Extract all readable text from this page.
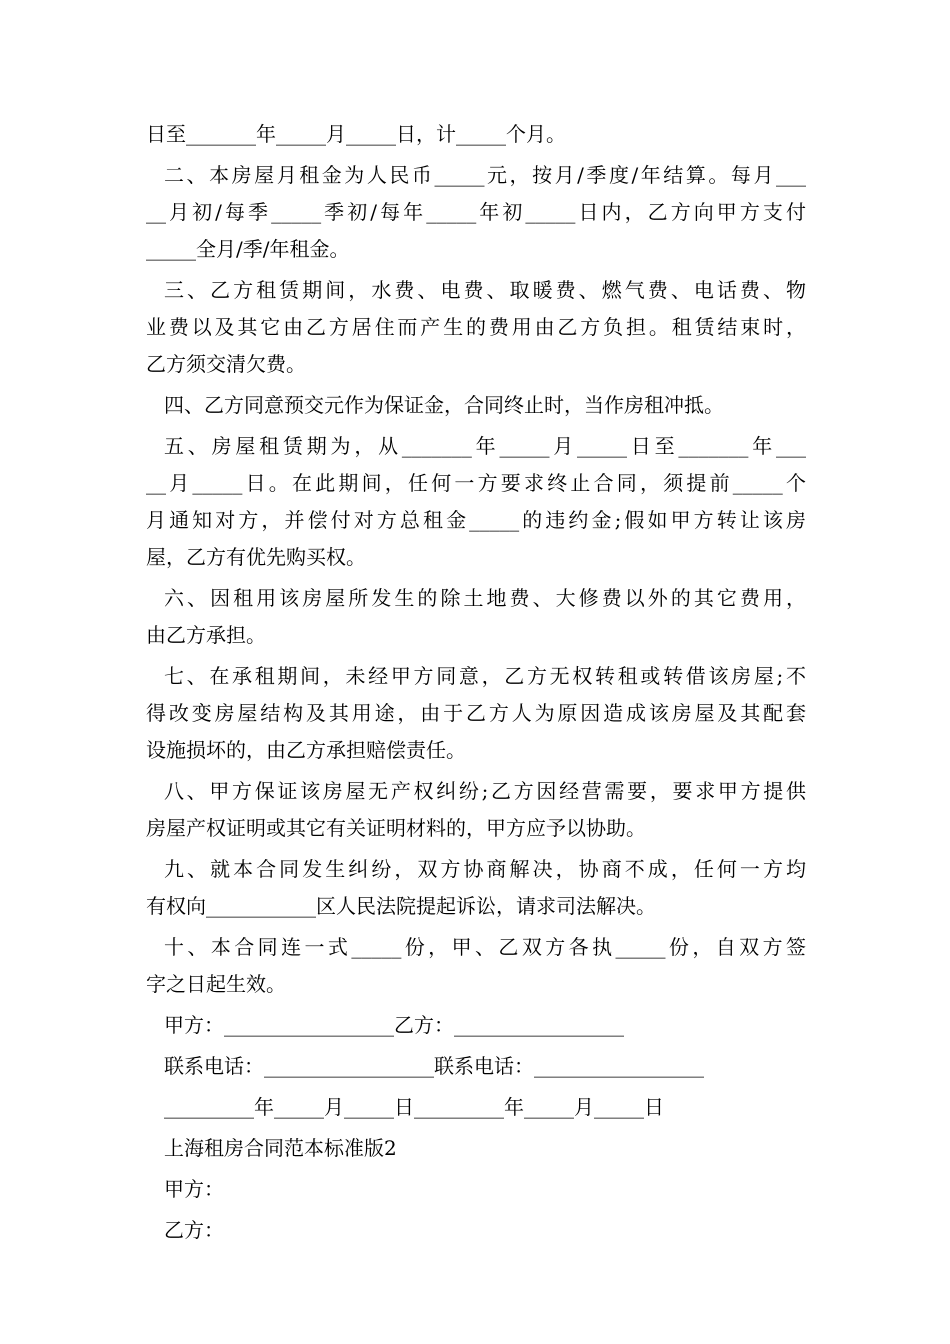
日至_______年_____月_____日，计_____个月。
二、本房屋月租金为人民币_____元，按月/季度/年结算。每月___
__月初/每季_____季初/每年_____年初_____日内，乙方向甲方支付
_____全月/季/年租金。
三、乙方租赁期间，水费、电费、取暖费、燃气费、电话费、物
业费以及其它由乙方居住而产生的费用由乙方负担。租赁结束时，
乙方须交清欠费。
四、乙方同意预交元作为保证金，合同终止时，当作房租冲抵。
五、房屋租赁期为，从_______年_____月_____日至_______年___
__月_____日。在此期间，任何一方要求终止合同，须提前_____个
月通知对方，并偿付对方总租金_____的违约金;假如甲方转让该房
屋，乙方有优先购买权。
六、因租用该房屋所发生的除土地费、大修费以外的其它费用，
由乙方承担。
七、在承租期间，未经甲方同意，乙方无权转租或转借该房屋;不
得改变房屋结构及其用途，由于乙方人为原因造成该房屋及其配套
设施损坏的，由乙方承担赔偿责任。
八、甲方保证该房屋无产权纠纷;乙方因经营需要，要求甲方提供
房屋产权证明或其它有关证明材料的，甲方应予以协助。
九、就本合同发生纠纷，双方协商解决，协商不成，任何一方均
有权向___________区人民法院提起诉讼，请求司法解决。
十、本合同连一式_____份，甲、乙双方各执_____份，自双方签
字之日起生效。
甲方：_________________乙方：_________________
联系电话：_________________联系电话：_________________
_________年_____月_____日_________年_____月_____日
上海租房合同范本标准版2
甲方：
乙方：
